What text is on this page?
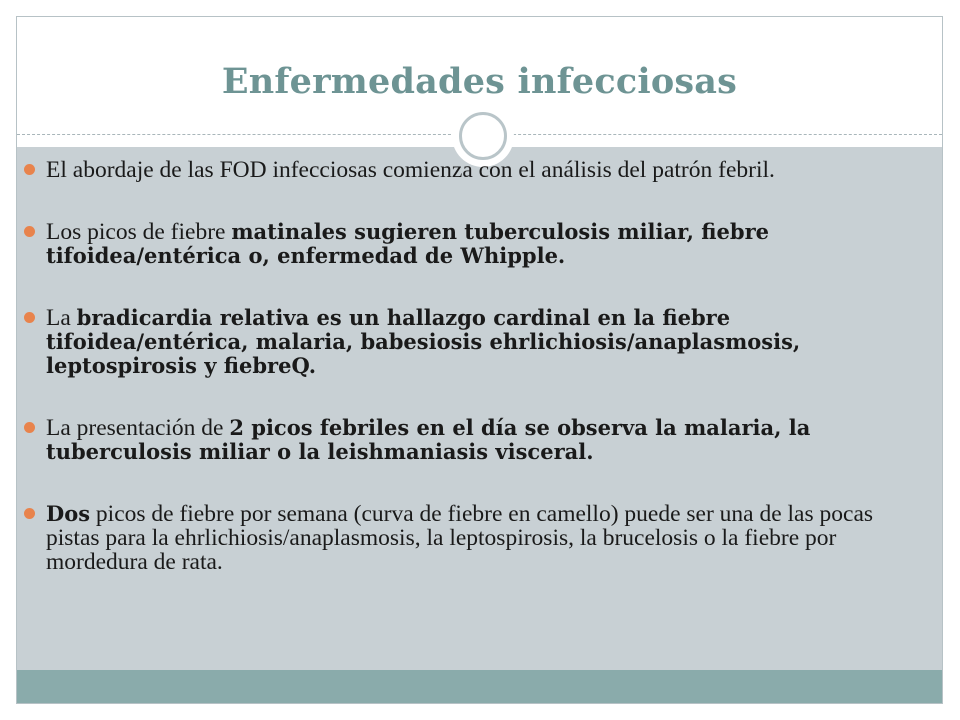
Enfermedades infecciosas
El abordaje de las FOD infecciosas comienza con el análisis del patrón febril.
Los picos de fiebre matinales sugieren tuberculosis miliar, fiebre tifoidea/entérica o, enfermedad de Whipple.
La bradicardia relativa es un hallazgo cardinal en la fiebre tifoidea/entérica, malaria, babesiosis ehrlichiosis/anaplasmosis, leptospirosis y fiebreQ.
La presentación de 2 picos febriles en el día se observa la malaria, la tuberculosis miliar o la leishmaniasis visceral.
Dos picos de fiebre por semana (curva de fiebre en camello) puede ser una de las pocas pistas para la ehrlichiosis/anaplasmosis, la leptospirosis, la brucelosis o la fiebre por mordedura de rata.
